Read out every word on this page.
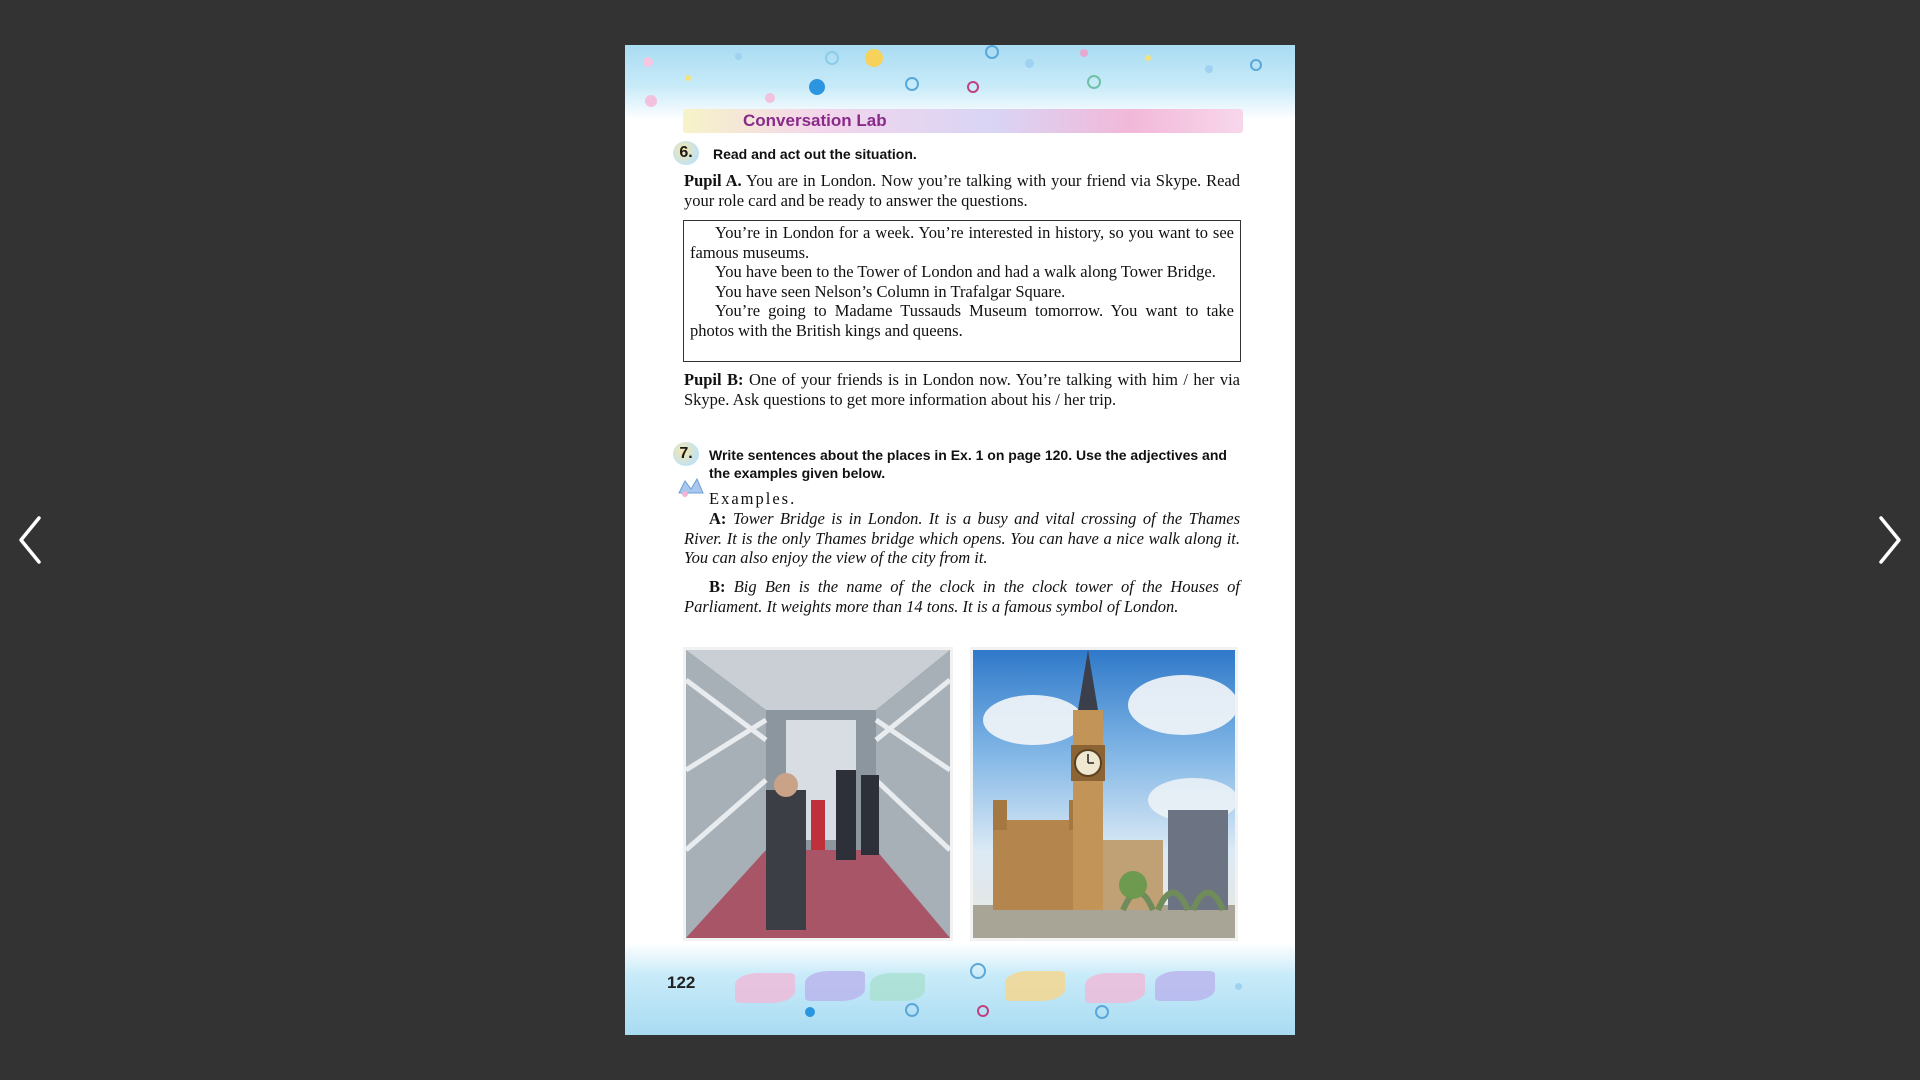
Conversation Lab
6. Read and act out the situation.
Pupil A. You are in London. Now you’re talking with your friend via Skype. Read your role card and be ready to answer the questions.

You’re in London for a week. You’re interested in history, so you want to see famous museums.

You have been to the Tower of London and had a walk along Tower Bridge.

You have seen Nelson’s Column in Trafalgar Square.

You’re going to Madame Tussauds Museum tomorrow. You want to take photos with the British kings and queens.

Pupil B: One of your friends is in London now. You’re talking with him / her via Skype. Ask questions to get more information about his / her trip.
7. Write sentences about the places in Ex. 1 on page 120. Use the adjectives and
the examples given below.
Examples.
A: Tower Bridge is in London. It is a busy and vital crossing of the Thames River. It is the only Thames bridge which opens. You can have a nice walk along it. You can also enjoy the view of the city from it.
B: Big Ben is the name of the clock in the clock tower of the Houses of Parliament. It weights more than 14 tons. It is a famous symbol of London.
122
